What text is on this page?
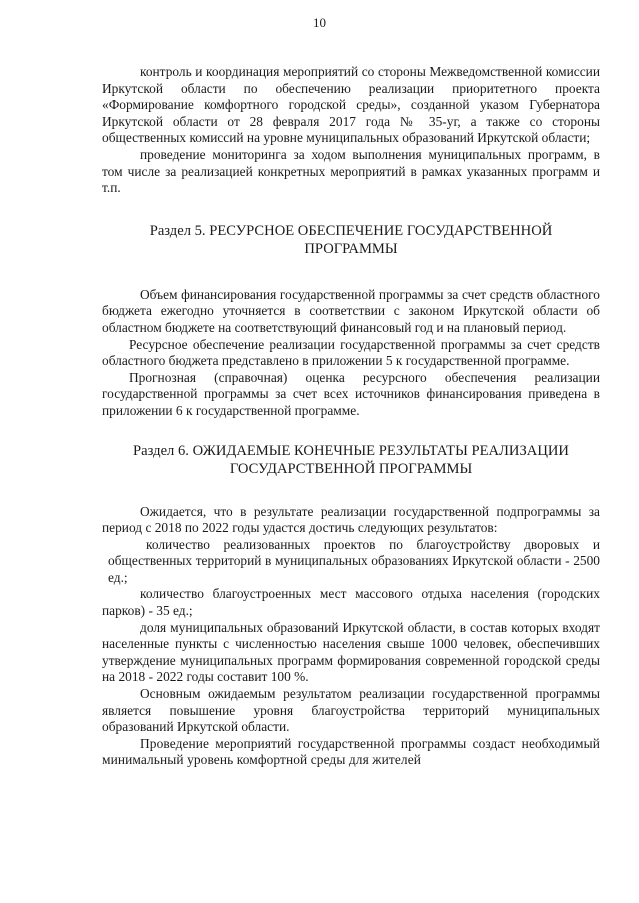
10

контроль и координация мероприятий со стороны Межведомственной комиссии Иркутской области по обеспечению реализации приоритетного проекта «Формирование комфортного городской среды», созданной указом Губернатора Иркутской области от 28 февраля 2017 года № 35-уг, а также со стороны общественных комиссий на уровне муниципальных образований Иркутской области;

проведение мониторинга за ходом выполнения муниципальных программ, в том числе за реализацией конкретных мероприятий в рамках указанных программ и т.п.

Раздел 5. РЕСУРСНОЕ ОБЕСПЕЧЕНИЕ ГОСУДАРСТВЕННОЙ ПРОГРАММЫ

Объем финансирования государственной программы за счет средств областного бюджета ежегодно уточняется в соответствии с законом Иркутской области об областном бюджете на соответствующий финансовый год и на плановый период.

Ресурсное обеспечение реализации государственной программы за счет средств областного бюджета представлено в приложении 5 к государственной программе.

Прогнозная (справочная) оценка ресурсного обеспечения реализации государственной программы за счет всех источников финансирования приведена в приложении 6 к государственной программе.

Раздел 6. ОЖИДАЕМЫЕ КОНЕЧНЫЕ РЕЗУЛЬТАТЫ РЕАЛИЗАЦИИ ГОСУДАРСТВЕННОЙ ПРОГРАММЫ

Ожидается, что в результате реализации государственной подпрограммы за период с 2018 по 2022 годы удастся достичь следующих результатов:

количество реализованных проектов по благоустройству дворовых и общественных территорий в муниципальных образованиях Иркутской области - 2500 ед.;

количество благоустроенных мест массового отдыха населения (городских парков) - 35 ед.;

доля муниципальных образований Иркутской области, в состав которых входят населенные пункты с численностью населения свыше 1000 человек, обеспечивших утверждение муниципальных программ формирования современной городской среды на 2018 - 2022 годы составит 100 %.

Основным ожидаемым результатом реализации государственной программы является повышение уровня благоустройства территорий муниципальных образований Иркутской области.

Проведение мероприятий государственной программы создаст необходимый минимальный уровень комфортной среды для жителей
